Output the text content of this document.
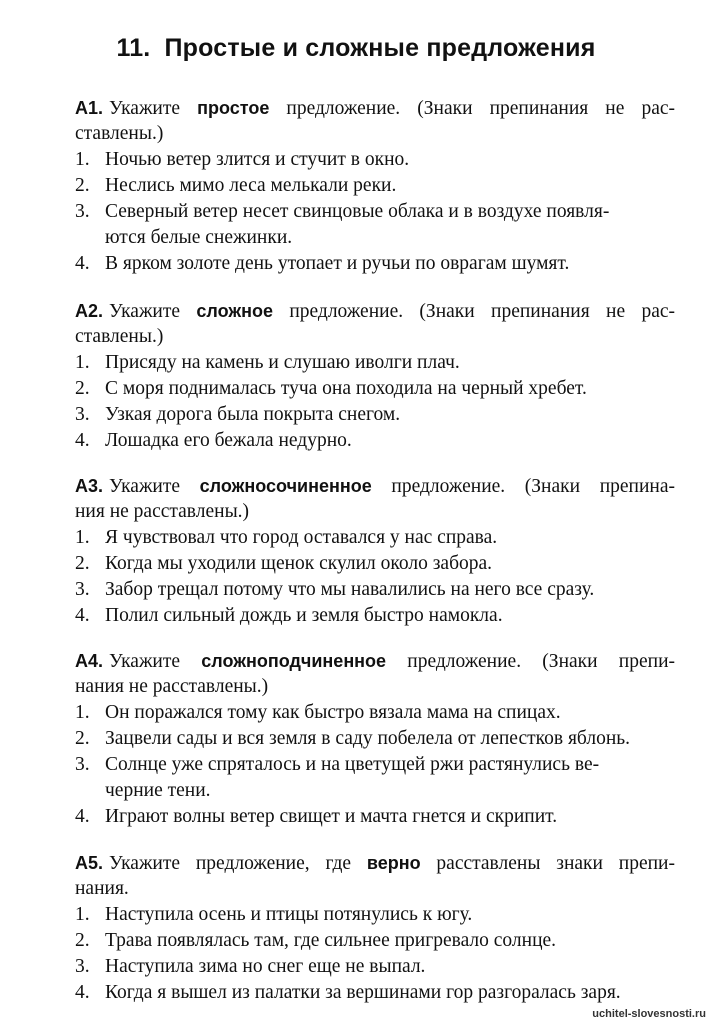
11. Простые и сложные предложения
А1. Укажите простое предложение. (Знаки препинания не рас-
ставлены.)
1. Ночью ветер злится и стучит в окно.
2. Неслись мимо леса мелькали реки.
3. Северный ветер несет свинцовые облака и в воздухе появля-
ются белые снежинки.
4. В ярком золоте день утопает и ручьи по оврагам шумят.
А2. Укажите сложное предложение. (Знаки препинания не рас-
ставлены.)
1. Присяду на камень и слушаю иволги плач.
2. С моря поднималась туча она походила на черный хребет.
3. Узкая дорога была покрыта снегом.
4. Лошадка его бежала недурно.
А3. Укажите сложносочиненное предложение. (Знаки препина-
ния не расставлены.)
1. Я чувствовал что город оставался у нас справа.
2. Когда мы уходили щенок скулил около забора.
3. Забор трещал потому что мы навалились на него все сразу.
4. Полил сильный дождь и земля быстро намокла.
А4. Укажите сложноподчиненное предложение. (Знаки препи-
нания не расставлены.)
1. Он поражался тому как быстро вязала мама на спицах.
2. Зацвели сады и вся земля в саду побелела от лепестков яблонь.
3. Солнце уже спряталось и на цветущей ржи растянулись ве-
черние тени.
4. Играют волны ветер свищет и мачта гнется и скрипит.
А5. Укажите предложение, где верно расставлены знаки препи-
нания.
1. Наступила осень и птицы потянулись к югу.
2. Трава появлялась там, где сильнее пригревало солнце.
3. Наступила зима но снег еще не выпал.
4. Когда я вышел из палатки за вершинами гор разгоралась заря.
uchitel-slovesnosti.ru
